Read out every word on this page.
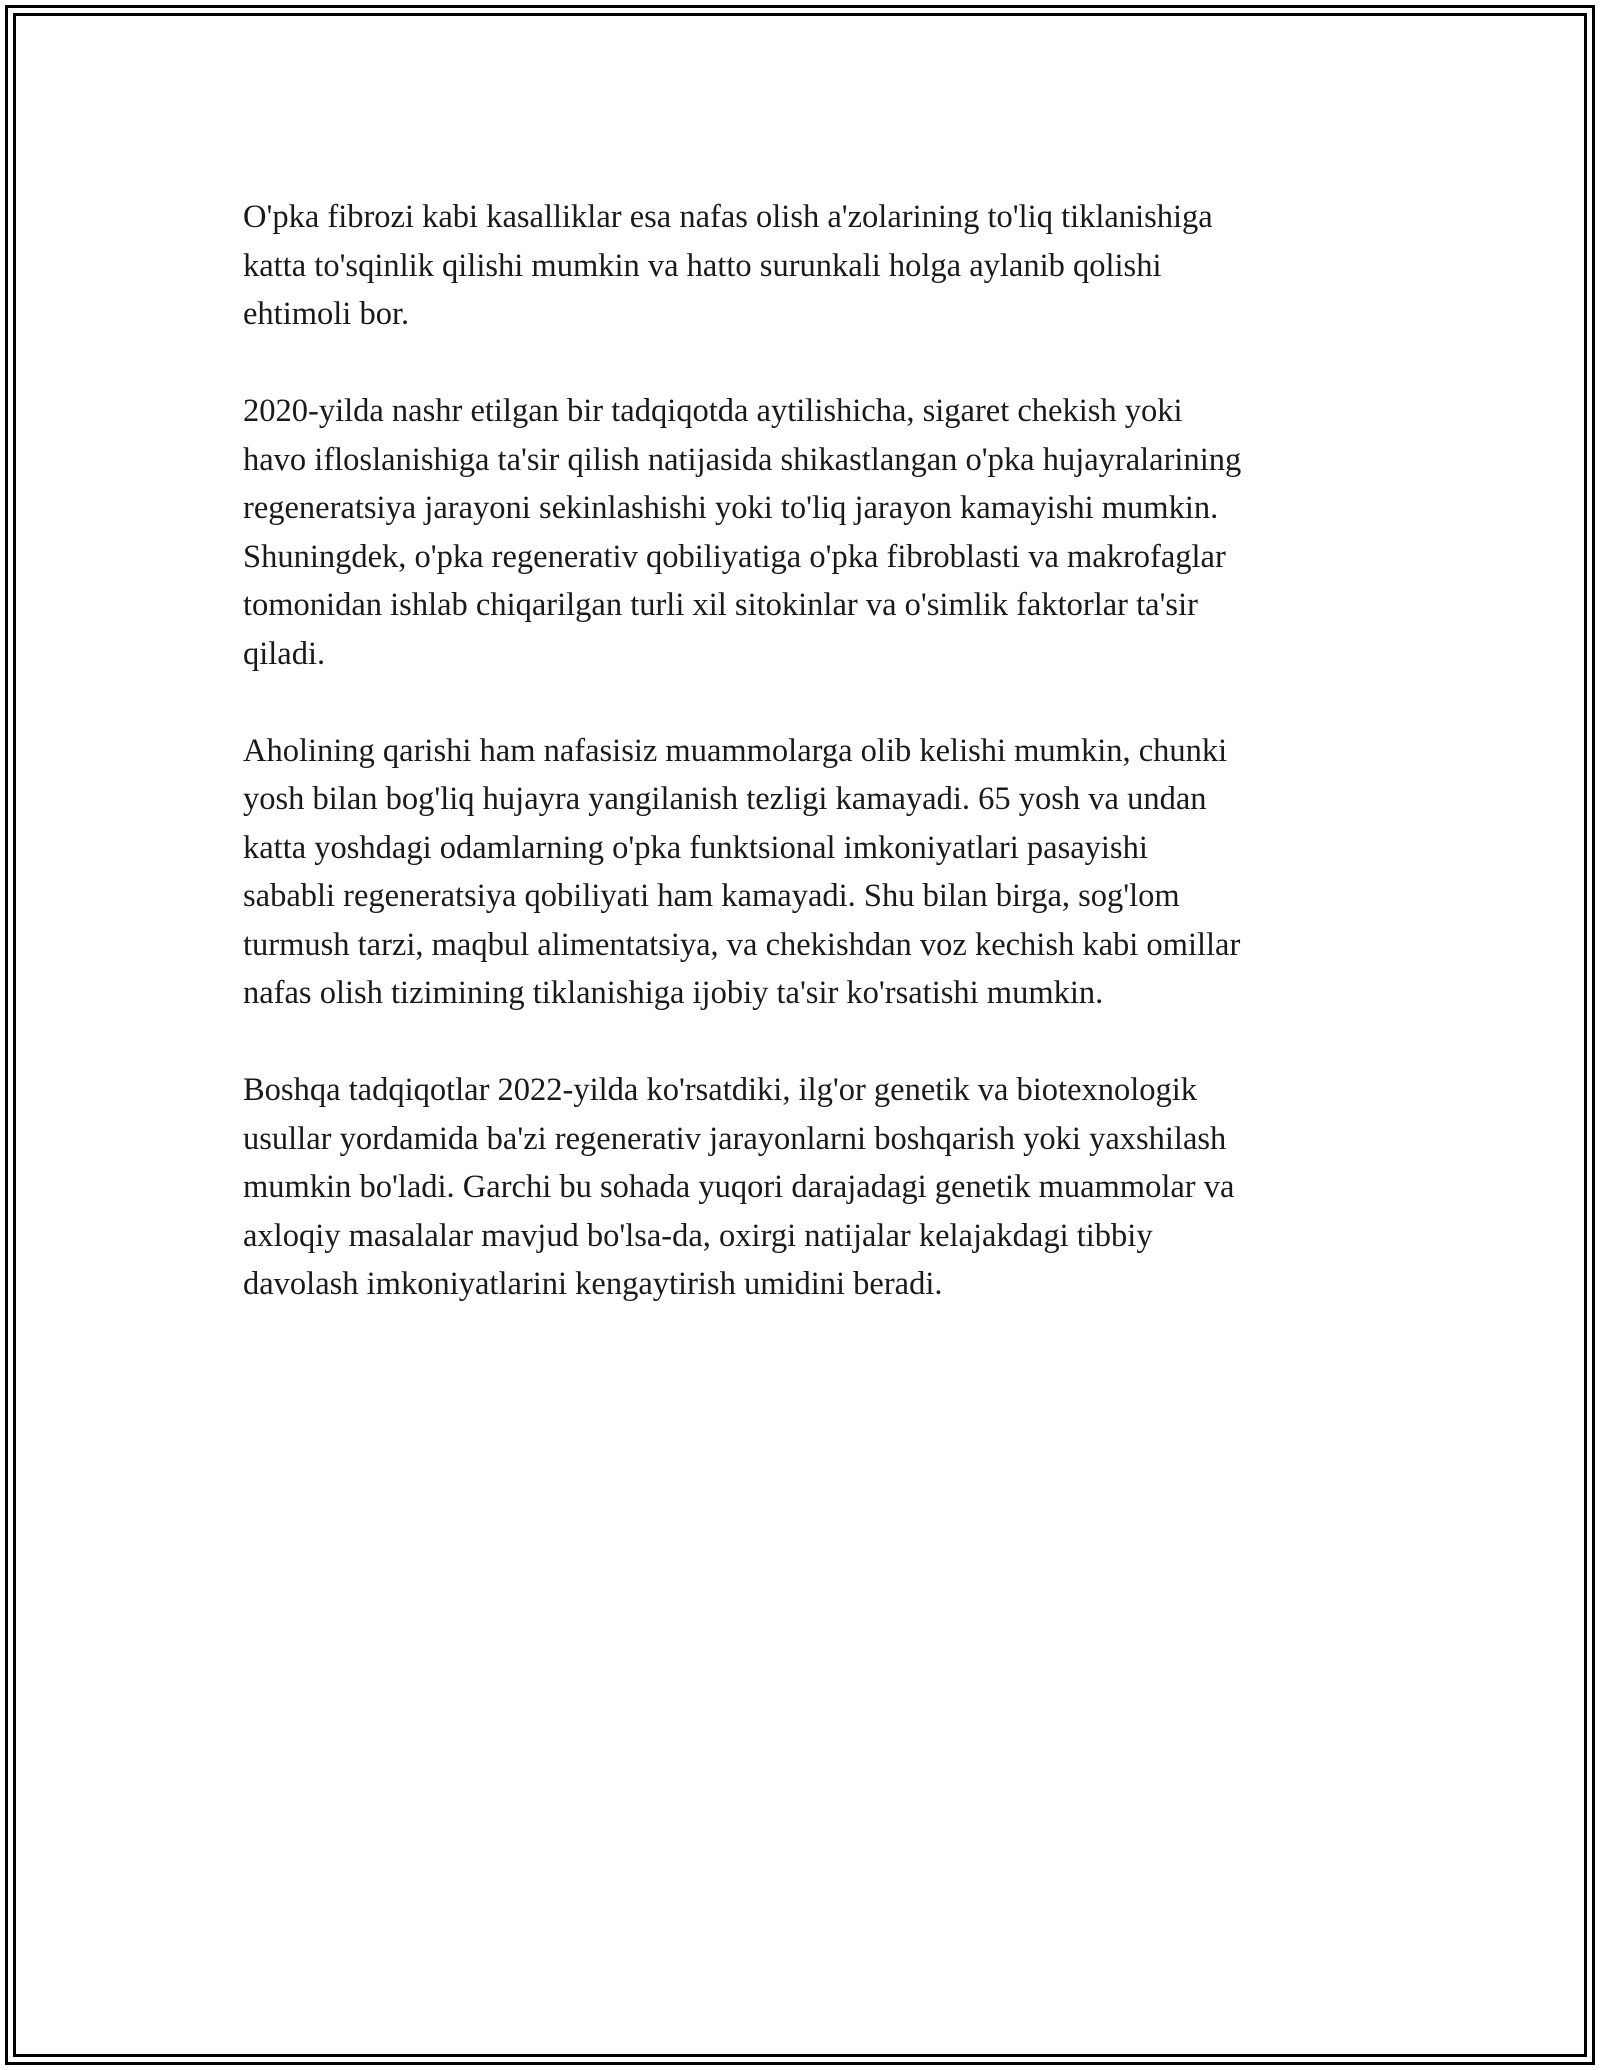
O'pka fibrozi kabi kasalliklar esa nafas olish a'zolarining to'liq tiklanishiga
katta to'sqinlik qilishi mumkin va hatto surunkali holga aylanib qolishi
ehtimoli bor.

2020-yilda nashr etilgan bir tadqiqotda aytilishicha, sigaret chekish yoki
havo ifloslanishiga ta'sir qilish natijasida shikastlangan o'pka hujayralarining
regeneratsiya jarayoni sekinlashishi yoki to'liq jarayon kamayishi mumkin.
Shuningdek, o'pka regenerativ qobiliyatiga o'pka fibroblasti va makrofaglar
tomonidan ishlab chiqarilgan turli xil sitokinlar va o'simlik faktorlar ta'sir
qiladi.

Aholining qarishi ham nafasisiz muammolarga olib kelishi mumkin, chunki
yosh bilan bog'liq hujayra yangilanish tezligi kamayadi. 65 yosh va undan
katta yoshdagi odamlarning o'pka funktsional imkoniyatlari pasayishi
sababli regeneratsiya qobiliyati ham kamayadi. Shu bilan birga, sog'lom
turmush tarzi, maqbul alimentatsiya, va chekishdan voz kechish kabi omillar
nafas olish tizimining tiklanishiga ijobiy ta'sir ko'rsatishi mumkin.

Boshqa tadqiqotlar 2022-yilda ko'rsatdiki, ilg'or genetik va biotexnologik
usullar yordamida ba'zi regenerativ jarayonlarni boshqarish yoki yaxshilash
mumkin bo'ladi. Garchi bu sohada yuqori darajadagi genetik muammolar va
axloqiy masalalar mavjud bo'lsa-da, oxirgi natijalar kelajakdagi tibbiy
davolash imkoniyatlarini kengaytirish umidini beradi.
